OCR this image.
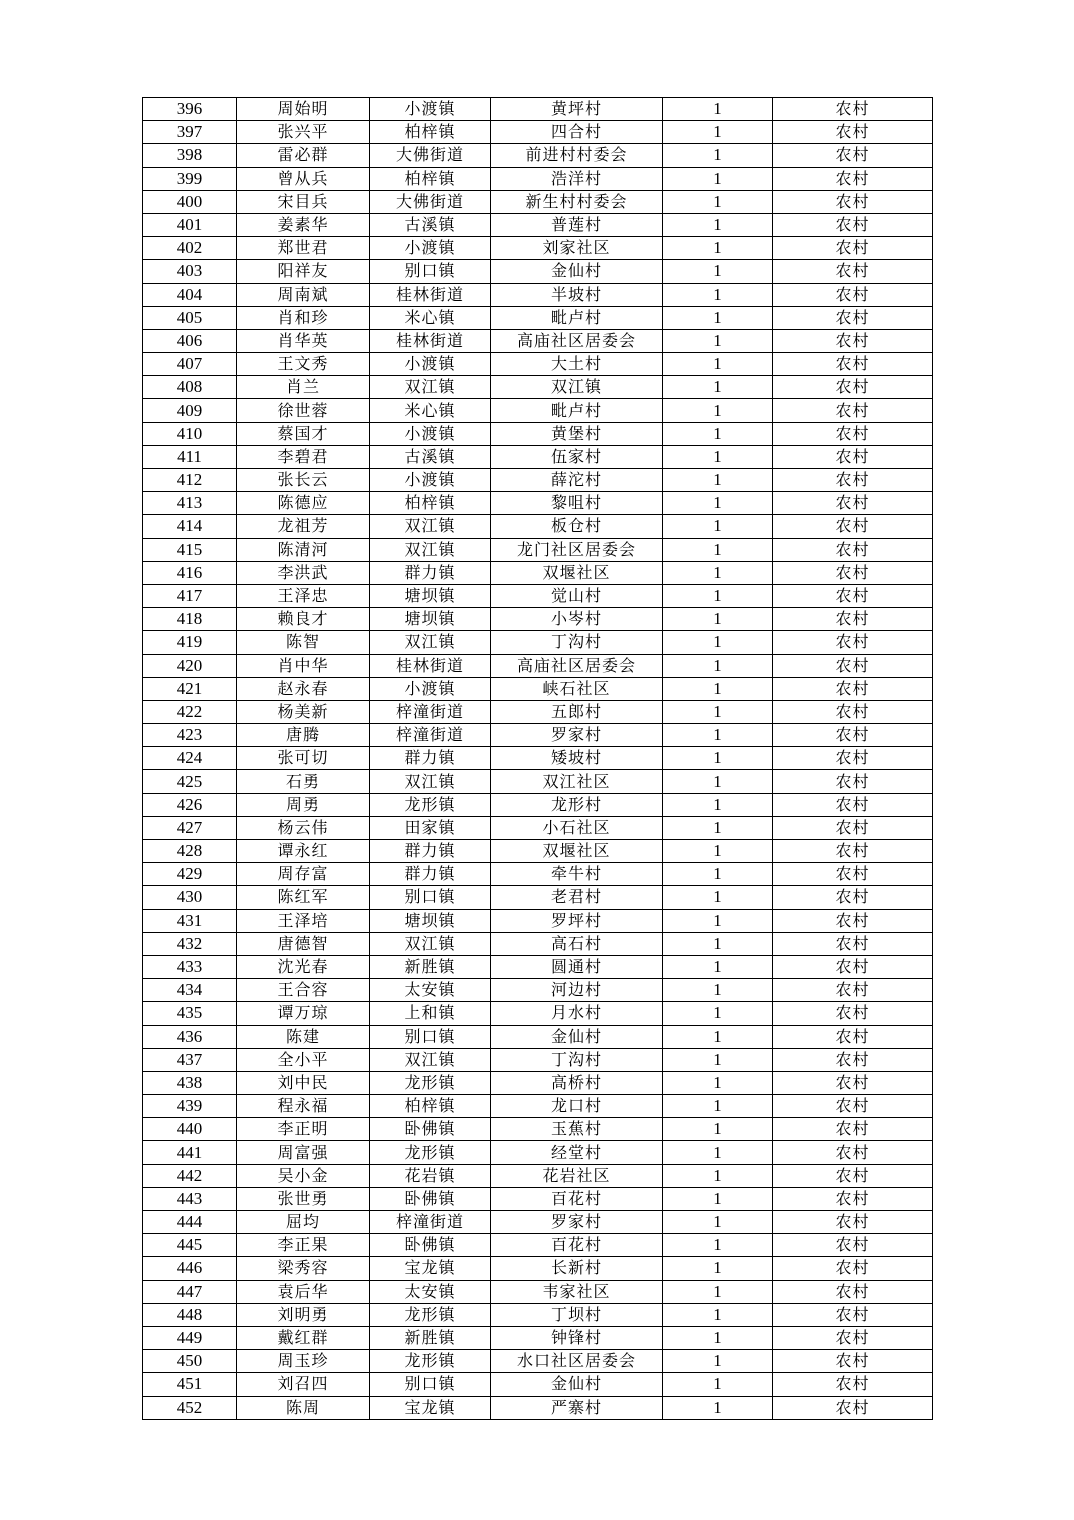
396	周始明	小渡镇	黄坪村	1	农村
397	张兴平	柏梓镇	四合村	1	农村
398	雷必群	大佛街道	前进村村委会	1	农村
399	曾从兵	柏梓镇	浩洋村	1	农村
400	宋目兵	大佛街道	新生村村委会	1	农村
401	姜素华	古溪镇	普莲村	1	农村
402	郑世君	小渡镇	刘家社区	1	农村
403	阳祥友	别口镇	金仙村	1	农村
404	周南斌	桂林街道	半坡村	1	农村
405	肖和珍	米心镇	毗卢村	1	农村
406	肖华英	桂林街道	高庙社区居委会	1	农村
407	王文秀	小渡镇	大土村	1	农村
408	肖兰	双江镇	双江镇	1	农村
409	徐世蓉	米心镇	毗卢村	1	农村
410	蔡国才	小渡镇	黄堡村	1	农村
411	李碧君	古溪镇	伍家村	1	农村
412	张长云	小渡镇	薛沱村	1	农村
413	陈德应	柏梓镇	黎咀村	1	农村
414	龙祖芳	双江镇	板仓村	1	农村
415	陈清河	双江镇	龙门社区居委会	1	农村
416	李洪武	群力镇	双堰社区	1	农村
417	王泽忠	塘坝镇	觉山村	1	农村
418	赖良才	塘坝镇	小岑村	1	农村
419	陈智	双江镇	丁沟村	1	农村
420	肖中华	桂林街道	高庙社区居委会	1	农村
421	赵永春	小渡镇	峡石社区	1	农村
422	杨美新	梓潼街道	五郎村	1	农村
423	唐腾	梓潼街道	罗家村	1	农村
424	张可切	群力镇	矮坡村	1	农村
425	石勇	双江镇	双江社区	1	农村
426	周勇	龙形镇	龙形村	1	农村
427	杨云伟	田家镇	小石社区	1	农村
428	谭永红	群力镇	双堰社区	1	农村
429	周存富	群力镇	牵牛村	1	农村
430	陈红军	别口镇	老君村	1	农村
431	王泽培	塘坝镇	罗坪村	1	农村
432	唐德智	双江镇	高石村	1	农村
433	沈光春	新胜镇	圆通村	1	农村
434	王合容	太安镇	河边村	1	农村
435	谭万琼	上和镇	月水村	1	农村
436	陈建	别口镇	金仙村	1	农村
437	全小平	双江镇	丁沟村	1	农村
438	刘中民	龙形镇	高桥村	1	农村
439	程永福	柏梓镇	龙口村	1	农村
440	李正明	卧佛镇	玉蕉村	1	农村
441	周富强	龙形镇	经堂村	1	农村
442	吴小金	花岩镇	花岩社区	1	农村
443	张世勇	卧佛镇	百花村	1	农村
444	屈均	梓潼街道	罗家村	1	农村
445	李正果	卧佛镇	百花村	1	农村
446	梁秀容	宝龙镇	长新村	1	农村
447	袁后华	太安镇	韦家社区	1	农村
448	刘明勇	龙形镇	丁坝村	1	农村
449	戴红群	新胜镇	钟锋村	1	农村
450	周玉珍	龙形镇	水口社区居委会	1	农村
451	刘召四	别口镇	金仙村	1	农村
452	陈周	宝龙镇	严寨村	1	农村
